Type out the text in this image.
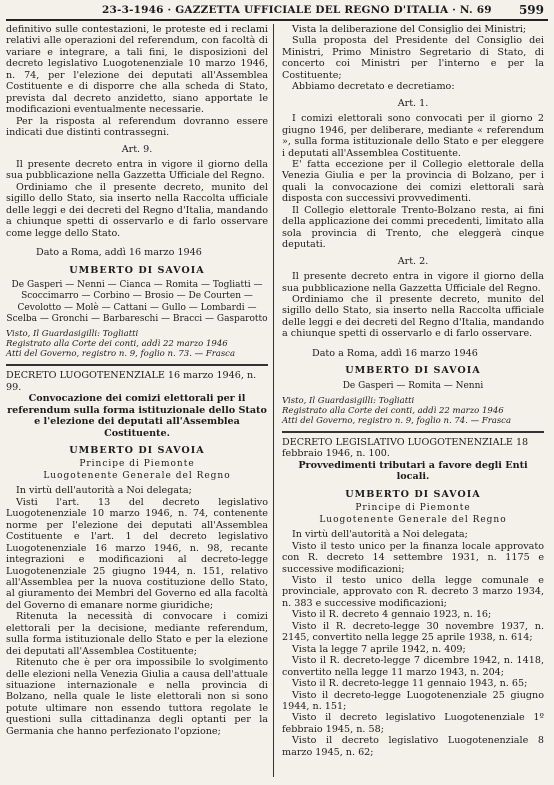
23-3-1946 · GAZZETTA UFFICIALE DEL REGNO D'ITALIA · N. 69 599

definitivo sulle contestazioni, le proteste ed i reclami relativi alle operazioni del referendum, con facoltà di variare e integrare, a tali fini, le disposizioni del decreto legislativo Luogotenenziale 10 marzo 1946, n. 74, per l'elezione dei deputati all'Assemblea Costituente e di disporre che alla scheda di Stato, prevista dal decreto anzidetto, siano apportate le modificazioni eventualmente necessarie.

Per la risposta al referendum dovranno essere indicati due distinti contrassegni.

Art. 9.

Il presente decreto entra in vigore il giorno della sua pubblicazione nella Gazzetta Ufficiale del Regno.

Ordiniamo che il presente decreto, munito del sigillo dello Stato, sia inserto nella Raccolta ufficiale delle leggi e dei decreti del Regno d'Italia, mandando a chiunque spetti di osservarlo e di farlo osservare come legge dello Stato.

Dato a Roma, addì 16 marzo 1946
UMBERTO DI SAVOIA
De Gasperi — Nenni — Cianca — Romita — Togliatti — Scoccimarro — Corbino — Brosio — De Courten — Cevolotto — Molè — Cattani — Gullo — Lombardi — Scelba — Gronchi — Barbareschi — Bracci — Gasparotto

Visto, Il Guardasigilli: Togliatti

Registrato alla Corte dei conti, addì 22 marzo 1946

Atti del Governo, registro n. 9, foglio n. 73. — Frasca

DECRETO LUOGOTENENZIALE 16 marzo 1946, n. 99.

Convocazione dei comizi elettorali per il referendum sulla forma istituzionale dello Stato e l'elezione dei deputati all'Assemblea Costituente.

UMBERTO DI SAVOIA
Principe di Piemonte
Luogotenente Generale del Regno

In virtù dell'autorità a Noi delegata;

Visti l'art. 13 del decreto legislativo Luogotenenziale 10 marzo 1946, n. 74, contenente norme per l'elezione dei deputati all'Assemblea Costituente e l'art. 1 del decreto legislativo Luogotenenziale 16 marzo 1946, n. 98, recante integrazioni e modificazioni al decreto-legge Luogotenenziale 25 giugno 1944, n. 151, relativo all'Assemblea per la nuova costituzione dello Stato, al giuramento dei Membri del Governo ed alla facoltà del Governo di emanare norme giuridiche;

Ritenuta la necessità di convocare i comizi elettorali per la decisione, mediante referendum, sulla forma istituzionale dello Stato e per la elezione dei deputati all'Assemblea Costituente;

Ritenuto che è per ora impossibile lo svolgimento delle elezioni nella Venezia Giulia a causa dell'attuale situazione internazionale e nella provincia di Bolzano, nella quale le liste elettorali non si sono potute ultimare non essendo tuttora regolate le questioni sulla cittadinanza degli optanti per la Germania che hanno perfezionato l'opzione;

Vista la deliberazione del Consiglio dei Ministri;

Sulla proposta del Presidente del Consiglio dei Ministri, Primo Ministro Segretario di Stato, di concerto coi Ministri per l'interno e per la Costituente;

Abbiamo decretato e decretiamo:

Art. 1.

I comizi elettorali sono convocati per il giorno 2 giugno 1946, per deliberare, mediante « referendum », sulla forma istituzionale dello Stato e per eleggere i deputati all'Assemblea Costituente.

E' fatta eccezione per il Collegio elettorale della Venezia Giulia e per la provincia di Bolzano, per i quali la convocazione dei comizi elettorali sarà disposta con successivi provvedimenti.

Il Collegio elettorale Trento-Bolzano resta, ai fini della applicazione dei commi precedenti, limitato alla sola provincia di Trento, che eleggerà cinque deputati.

Art. 2.

Il presente decreto entra in vigore il giorno della sua pubblicazione nella Gazzetta Ufficiale del Regno.

Ordiniamo che il presente decreto, munito del sigillo dello Stato, sia inserto nella Raccolta ufficiale delle leggi e dei decreti del Regno d'Italia, mandando a chiunque spetti di osservarlo e di farlo osservare.

Dato a Roma, addì 16 marzo 1946
UMBERTO DI SAVOIA
De Gasperi — Romita — Nenni

Visto, Il Guardasigilli: Togliatti

Registrato alla Corte dei conti, addì 22 marzo 1946

Atti del Governo, registro n. 9, foglio n. 74. — Frasca

DECRETO LEGISLATIVO LUOGOTENENZIALE 18 febbraio 1946, n. 100.

Provvedimenti tributari a favore degli Enti locali.

UMBERTO DI SAVOIA
Principe di Piemonte
Luogotenente Generale del Regno

In virtù dell'autorità a Noi delegata;

Visto il testo unico per la finanza locale approvato con R. decreto 14 settembre 1931, n. 1175 e successive modificazioni;

Visto il testo unico della legge comunale e provinciale, approvato con R. decreto 3 marzo 1934, n. 383 e successive modificazioni;

Visto il R. decreto 4 gennaio 1923, n. 16;

Visto il R. decreto-legge 30 novembre 1937, n. 2145, convertito nella legge 25 aprile 1938, n. 614;

Vista la legge 7 aprile 1942, n. 409;

Visto il R. decreto-legge 7 dicembre 1942, n. 1418, convertito nella legge 11 marzo 1943, n. 204;

Visto il R. decreto-legge 11 gennaio 1943, n. 65;

Visto il decreto-legge Luogotenenziale 25 giugno 1944, n. 151;

Visto il decreto legislativo Luogotenenziale 1º febbraio 1945, n. 58;

Visto il decreto legislativo Luogotenenziale 8 marzo 1945, n. 62;
